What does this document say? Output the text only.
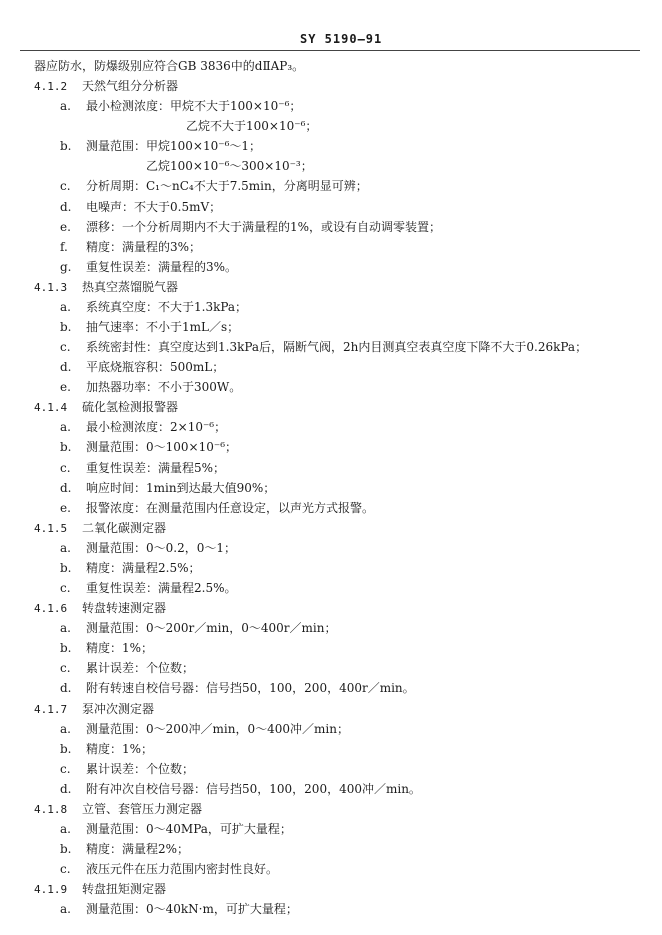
SY 5190—91
器应防水，防爆级别应符合GB 3836中的dⅡAP₃。
4.1.2 天然气组分分析器
a. 最小检测浓度：甲烷不大于100×10⁻⁶；
乙烷不大于100×10⁻⁶；
b. 测量范围：甲烷100×10⁻⁶～1；
乙烷100×10⁻⁶～300×10⁻³；
c. 分析周期：C₁～nC₄不大于7.5min，分离明显可辨；
d. 电噪声：不大于0.5mV；
e. 漂移：一个分析周期内不大于满量程的1%，或设有自动调零装置；
f. 精度：满量程的3%；
g. 重复性误差：满量程的3%。
4.1.3 热真空蒸馏脱气器
a. 系统真空度：不大于1.3kPa；
b. 抽气速率：不小于1mL／s；
c. 系统密封性：真空度达到1.3kPa后，隔断气阀，2h内目测真空表真空度下降不大于0.26kPa；
d. 平底烧瓶容积：500mL；
e. 加热器功率：不小于300W。
4.1.4 硫化氢检测报警器
a. 最小检测浓度：2×10⁻⁶；
b. 测量范围：0～100×10⁻⁶；
c. 重复性误差：满量程5%；
d. 响应时间：1min到达最大值90%；
e. 报警浓度：在测量范围内任意设定，以声光方式报警。
4.1.5 二氧化碳测定器
a. 测量范围：0～0.2，0～1；
b. 精度：满量程2.5%；
c. 重复性误差：满量程2.5%。
4.1.6 转盘转速测定器
a. 测量范围：0～200r／min，0～400r／min；
b. 精度：1%；
c. 累计误差：个位数；
d. 附有转速自校信号器：信号挡50，100，200，400r／min。
4.1.7 泵冲次测定器
a. 测量范围：0～200冲／min，0～400冲／min；
b. 精度：1%；
c. 累计误差：个位数；
d. 附有冲次自校信号器：信号挡50，100，200，400冲／min。
4.1.8 立管、套管压力测定器
a. 测量范围：0～40MPa，可扩大量程；
b. 精度：满量程2%；
c. 液压元件在压力范围内密封性良好。
4.1.9 转盘扭矩测定器
a. 测量范围：0～40kN·m，可扩大量程；
